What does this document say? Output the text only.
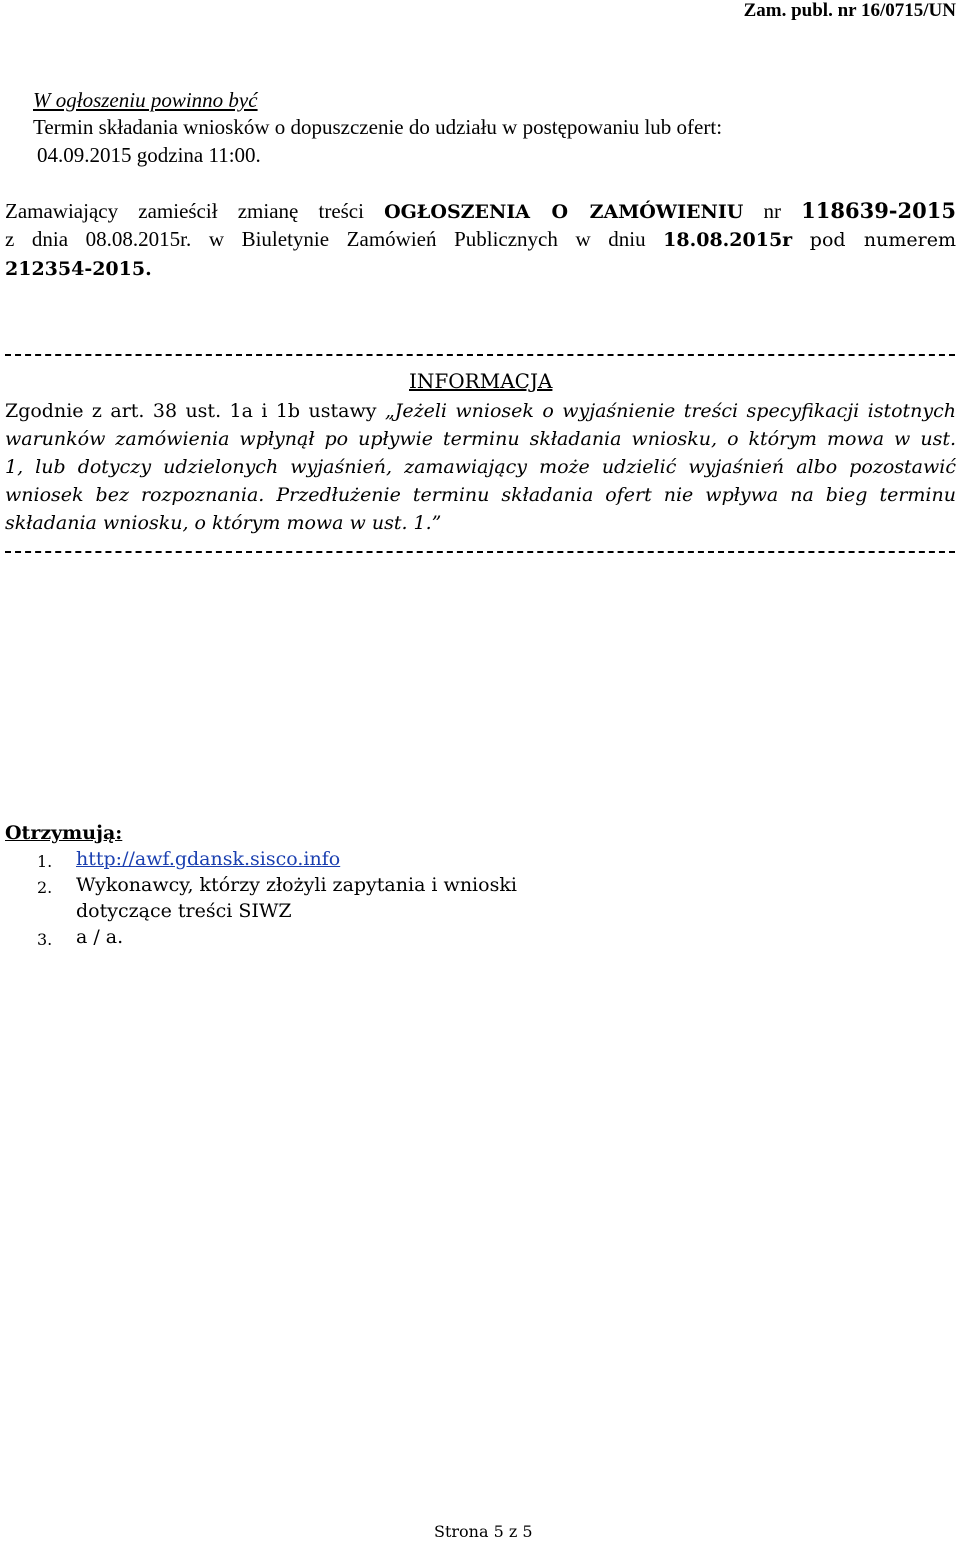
Zam. publ. nr 16/0715/UN
W ogłoszeniu powinno być
Termin składania wniosków o dopuszczenie do udziału w postępowaniu lub ofert:
04.09.2015 godzina 11:00.
Zamawiający zamieścił zmianę treści OGŁOSZENIA O ZAMÓWIENIU nr 118639-2015
z dnia 08.08.2015r. w Biuletynie Zamówień Publicznych w dniu 18.08.2015r pod numerem
212354-2015.
INFORMACJA
Zgodnie z art. 38 ust. 1a i 1b ustawy „Jeżeli wniosek o wyjaśnienie treści specyfikacji istotnych
warunków zamówienia wpłynął po upływie terminu składania wniosku, o którym mowa w ust.
1, lub dotyczy udzielonych wyjaśnień, zamawiający może udzielić wyjaśnień albo pozostawić
wniosek bez rozpoznania. Przedłużenie terminu składania ofert nie wpływa na bieg terminu
składania wniosku, o którym mowa w ust. 1.”
Otrzymują:
1. http://awf.gdansk.sisco.info
2. Wykonawcy, którzy złożyli zapytania i wnioski
dotyczące treści SIWZ
3. a / a.
Strona 5 z 5
